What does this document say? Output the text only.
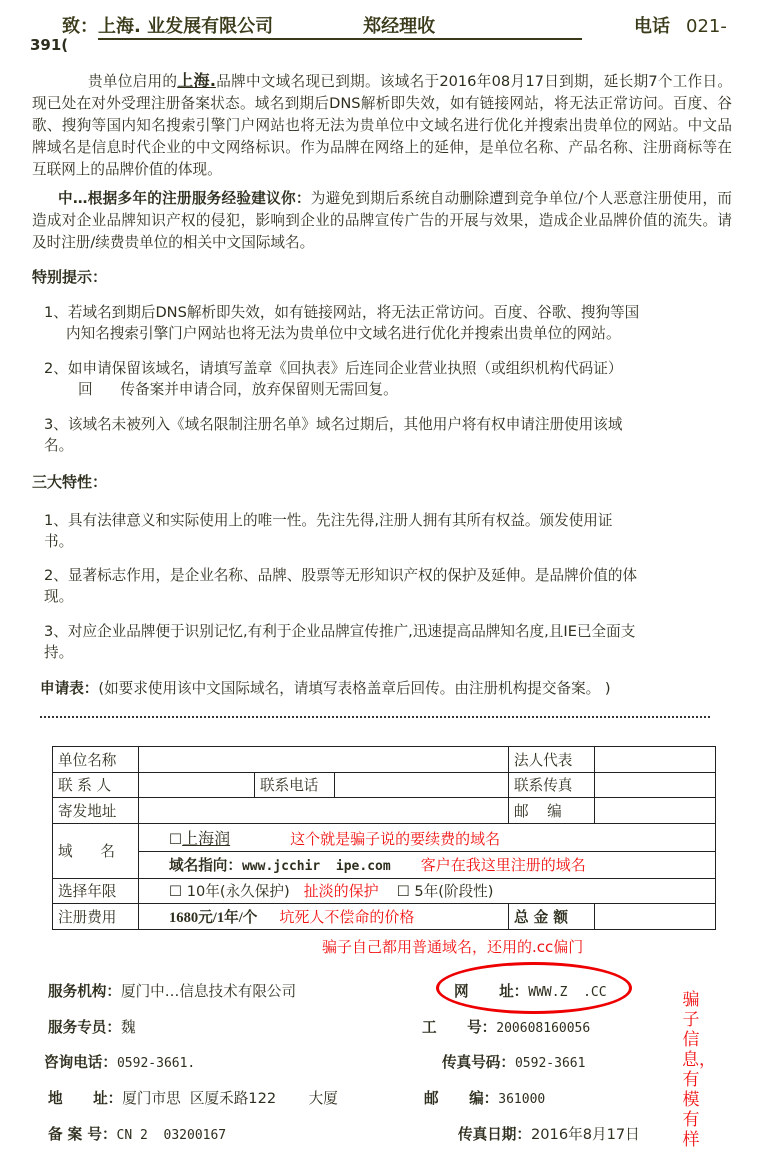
致：上海. 业发展有限公司	郑经理收	电话 021-
391(
贵单位启用的上海.品牌中文域名现已到期。该域名于2016年08月17日到期，延长期7个工作日。现已处在对外受理注册备案状态。域名到期后DNS解析即失效，如有链接网站，将无法正常访问。百度、谷歌、搜狗等国内知名搜索引擎门户网站也将无法为贵单位中文域名进行优化并搜索出贵单位的网站。中文品牌域名是信息时代企业的中文网络标识。作为品牌在网络上的延伸，是单位名称、产品名称、注册商标等在互联网上的品牌价值的体现。
中…根据多年的注册服务经验建议你：为避免到期后系统自动删除遭到竞争单位/个人恶意注册使用，而造成对企业品牌知识产权的侵犯，影响到企业的品牌宣传广告的开展与效果，造成企业品牌价值的流失。请及时注册/续费贵单位的相关中文国际域名。
特别提示：
1、若域名到期后DNS解析即失效，如有链接网站，将无法正常访问。百度、谷歌、搜狗等国
内知名搜索引擎门户网站也将无法为贵单位中文域名进行优化并搜索出贵单位的网站。
2、如申请保留该域名，请填写盖章《回执表》后连同企业营业执照（或组织机构代码证）
回      传备案并申请合同，放弃保留则无需回复。
3、该域名未被列入《域名限制注册名单》域名过期后，其他用户将有权申请注册使用该域
名。
三大特性：
1、具有法律意义和实际使用上的唯一性。先注先得,注册人拥有其所有权益。颁发使用证
书。
2、显著标志作用，是企业名称、品牌、股票等无形知识产权的保护及延伸。是品牌价值的体
现。
3、对应企业品牌便于识别记忆,有利于企业品牌宣传推广,迅速提高品牌知名度,且IE已全面支
持。
申请表：(如要求使用该中文国际域名，请填写表格盖章后回传。由注册机构提交备案。 )
单位名称				法人代表	
联 系 人		联系电话		联系传真	
寄发地址				邮    编	
域      名	☐上海润 这个就是骗子说的要续费的域名				
	域名指向：www.jcchir  ipe.com 客户在我这里注册的域名				
选择年限	☐ 10年(永久保护) 扯淡的保护 ☐ 5年(阶段性)				
注册费用	1680元/1年/个 坑死人不偿命的价格			总 金 额	
骗子自己都用普通域名，还用的.cc偏门
骗子信息，有模有样
服务机构：厦门中…信息技术有限公司	网      址：WWW.Z  .CC
服务专员：魏	工      号：200608160056
咨询电话：0592-3661.	传真号码：0592-3661
地      址：厦门市思  区厦禾路122       大厦	邮      编：361000
备 案 号：CN 2  03200167	传真日期：2016年8月17日
